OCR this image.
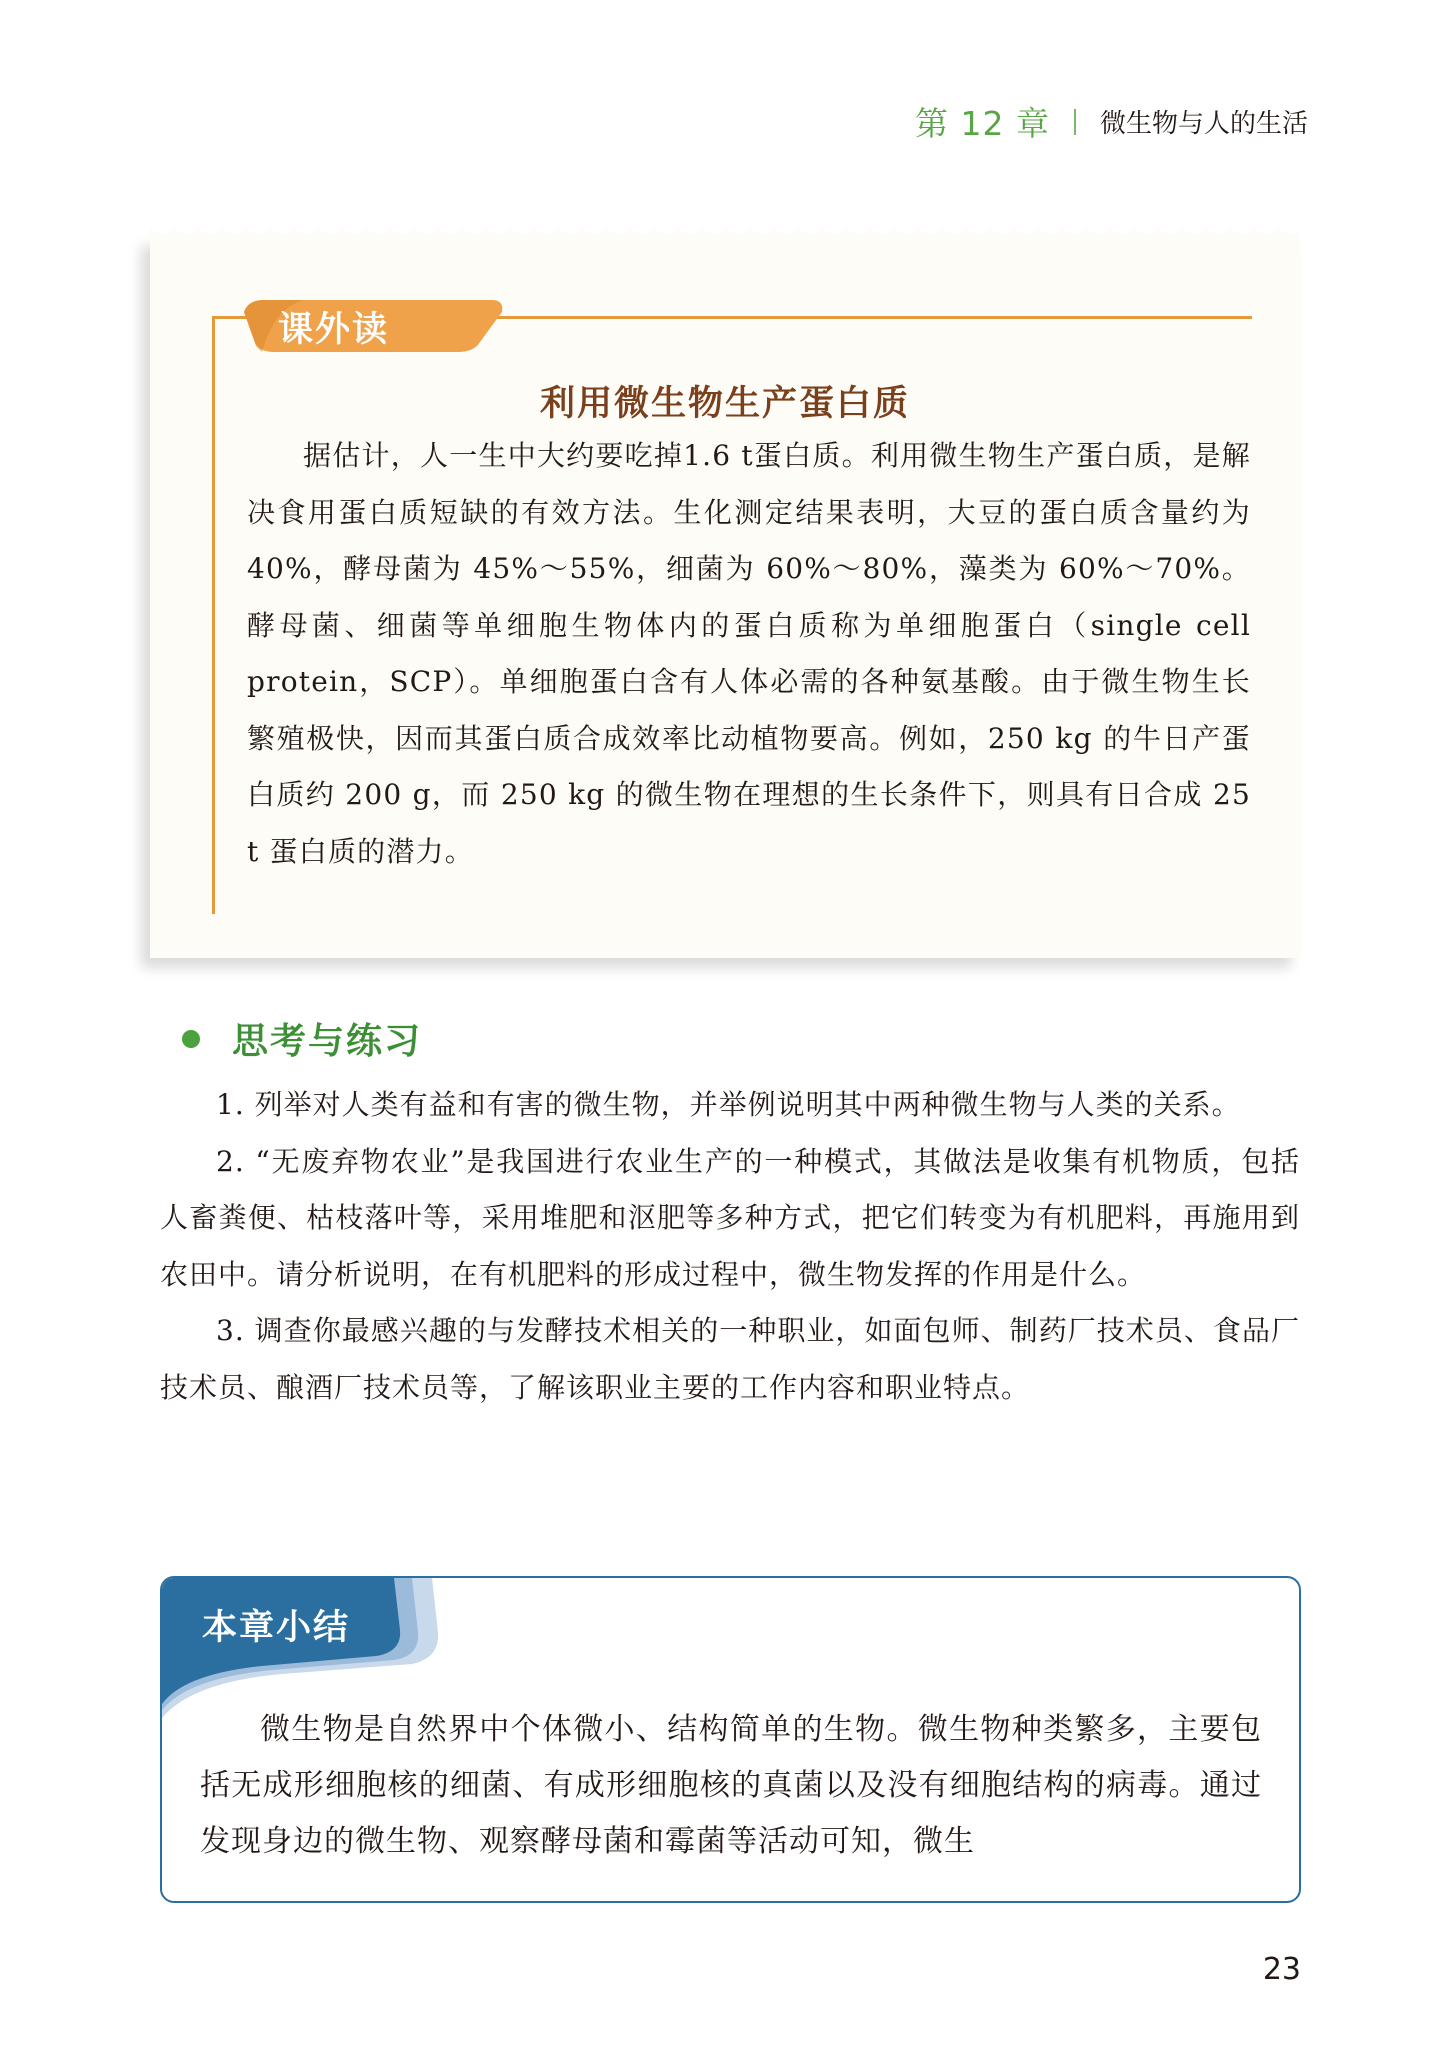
第 12 章 微生物与人的生活
课外读
利用微生物生产蛋白质

据估计，人一生中大约要吃掉1.6 t蛋白质。利用微生物生产蛋白质，是解决食用蛋白质短缺的有效方法。生化测定结果表明，大豆的蛋白质含量约为 40%，酵母菌为 45%～55%，细菌为 60%～80%，藻类为 60%～70%。酵母菌、细菌等单细胞生物体内的蛋白质称为单细胞蛋白（single cell protein，SCP）。单细胞蛋白含有人体必需的各种氨基酸。由于微生物生长繁殖极快，因而其蛋白质合成效率比动植物要高。例如，250 kg 的牛日产蛋白质约 200 g，而 250 kg 的微生物在理想的生长条件下，则具有日合成 25 t 蛋白质的潜力。

思考与练习

1. 列举对人类有益和有害的微生物，并举例说明其中两种微生物与人类的关系。

2. “无废弃物农业”是我国进行农业生产的一种模式，其做法是收集有机物质，包括人畜粪便、枯枝落叶等，采用堆肥和沤肥等多种方式，把它们转变为有机肥料，再施用到农田中。请分析说明，在有机肥料的形成过程中，微生物发挥的作用是什么。

3. 调查你最感兴趣的与发酵技术相关的一种职业，如面包师、制药厂技术员、食品厂技术员、酿酒厂技术员等，了解该职业主要的工作内容和职业特点。

本章小结

微生物是自然界中个体微小、结构简单的生物。微生物种类繁多，主要包括无成形细胞核的细菌、有成形细胞核的真菌以及没有细胞结构的病毒。通过发现身边的微生物、观察酵母菌和霉菌等活动可知，微生

23
